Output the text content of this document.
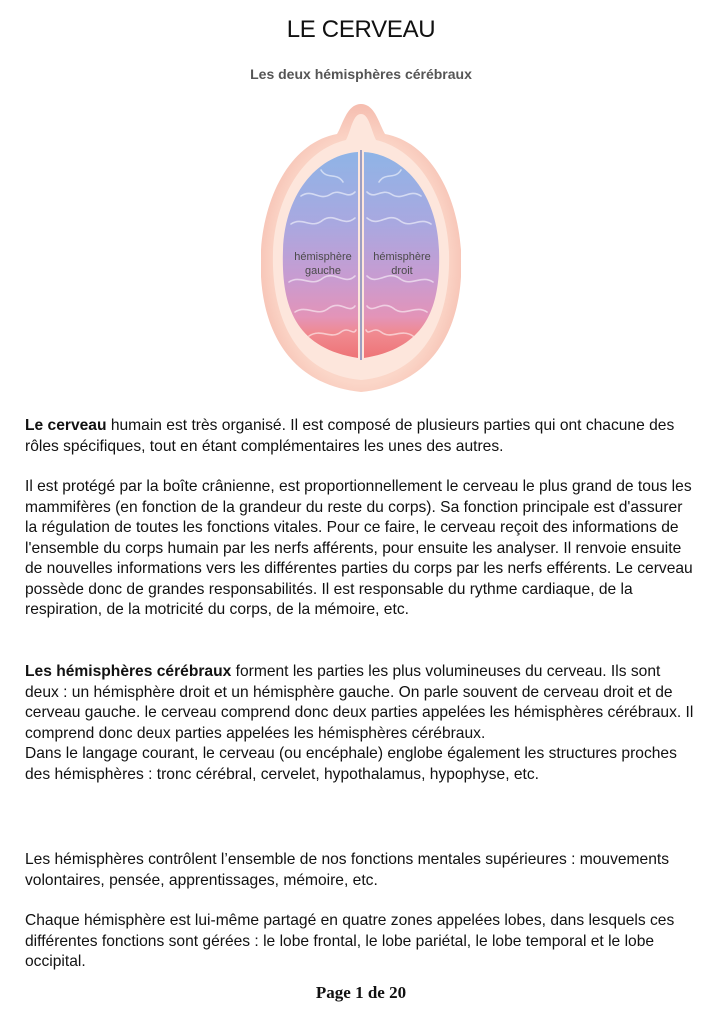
LE CERVEAU
Les deux hémisphères cérébraux
hémisphère
gauche
hémisphère
droit

Le cerveau humain est très organisé. Il est composé de plusieurs parties qui ont chacune des rôles spécifiques, tout en étant complémentaires les unes des autres.

Il est protégé par la boîte crânienne, est proportionnellement le cerveau le plus grand de tous les mammifères (en fonction de la grandeur du reste du corps). Sa fonction principale est d'assurer la régulation de toutes les fonctions vitales. Pour ce faire, le cerveau reçoit des informations de l'ensemble du corps humain par les nerfs afférents, pour ensuite les analyser. Il renvoie ensuite de nouvelles informations vers les différentes parties du corps par les nerfs efférents. Le cerveau possède donc de grandes responsabilités. Il est responsable du rythme cardiaque, de la respiration, de la motricité du corps, de la mémoire, etc.

Les hémisphères cérébraux forment les parties les plus volumineuses du cerveau. Ils sont deux : un hémisphère droit et un hémisphère gauche. On parle souvent de cerveau droit et de cerveau gauche. le cerveau comprend donc deux parties appelées les hémisphères cérébraux. Il comprend donc deux parties appelées les hémisphères cérébraux.

Dans le langage courant, le cerveau (ou encéphale) englobe également les structures proches des hémisphères : tronc cérébral, cervelet, hypothalamus, hypophyse, etc.

Les hémisphères contrôlent l’ensemble de nos fonctions mentales supérieures : mouvements volontaires, pensée, apprentissages, mémoire, etc.

Chaque hémisphère est lui-même partagé en quatre zones appelées lobes, dans lesquels ces différentes fonctions sont gérées : le lobe frontal, le lobe pariétal, le lobe temporal et le lobe occipital.

Page 1 de 20
